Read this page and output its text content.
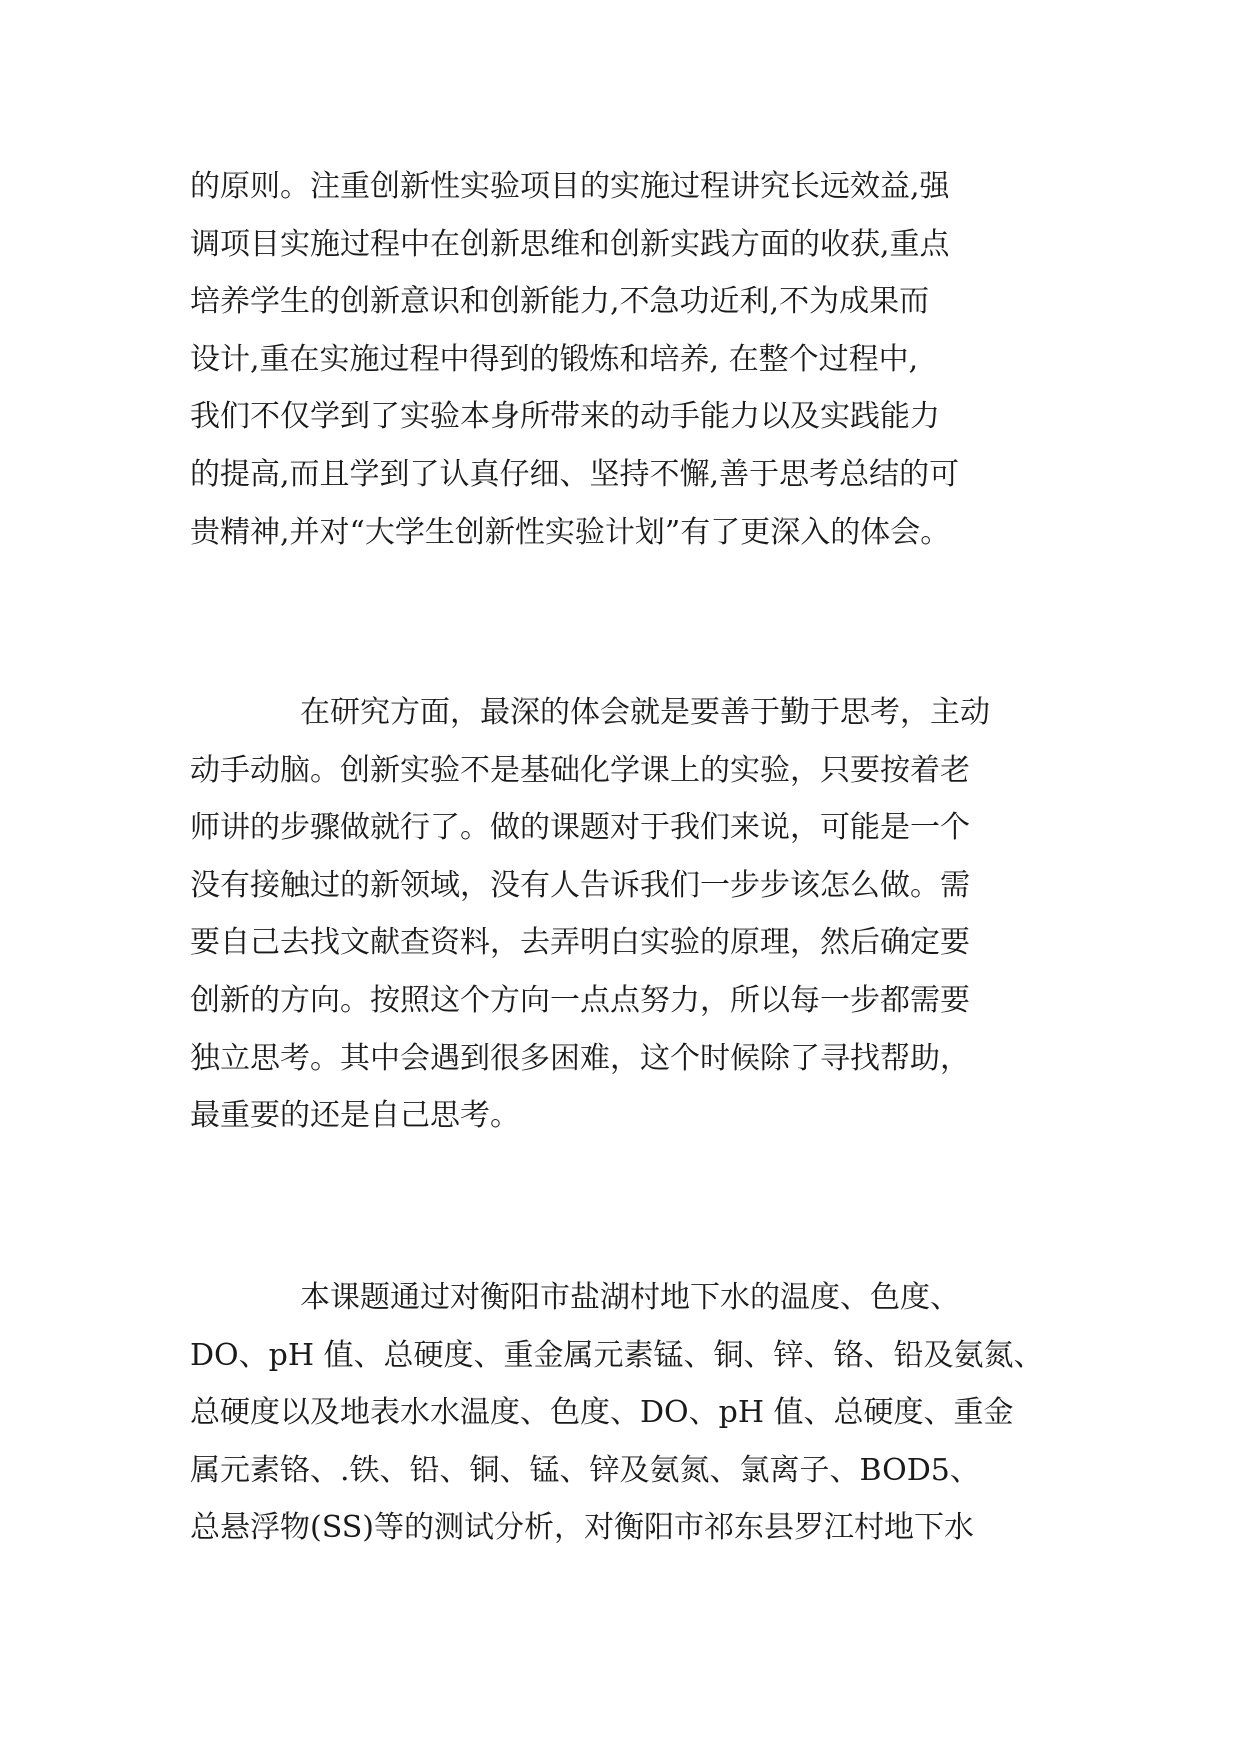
的原则。注重创新性实验项目的实施过程讲究长远效益,强
调项目实施过程中在创新思维和创新实践方面的收获,重点
培养学生的创新意识和创新能力,不急功近利,不为成果而
设计,重在实施过程中得到的锻炼和培养, 在整个过程中,
我们不仅学到了实验本身所带来的动手能力以及实践能力
的提高,而且学到了认真仔细、坚持不懈,善于思考总结的可
贵精神,并对“大学生创新性实验计划”有了更深入的体会。
在研究方面，最深的体会就是要善于勤于思考，主动
动手动脑。创新实验不是基础化学课上的实验，只要按着老
师讲的步骤做就行了。做的课题对于我们来说，可能是一个
没有接触过的新领域，没有人告诉我们一步步该怎么做。需
要自己去找文献查资料，去弄明白实验的原理，然后确定要
创新的方向。按照这个方向一点点努力，所以每一步都需要
独立思考。其中会遇到很多困难，这个时候除了寻找帮助，
最重要的还是自己思考。
本课题通过对衡阳市盐湖村地下水的温度、色度、
DO、pH 值、总硬度、重金属元素锰、铜、锌、铬、铅及氨氮、
总硬度以及地表水水温度、色度、DO、pH 值、总硬度、重金
属元素铬、.铁、铅、铜、锰、锌及氨氮、氯离子、BOD5、
总悬浮物(SS)等的测试分析，对衡阳市祁东县罗江村地下水
